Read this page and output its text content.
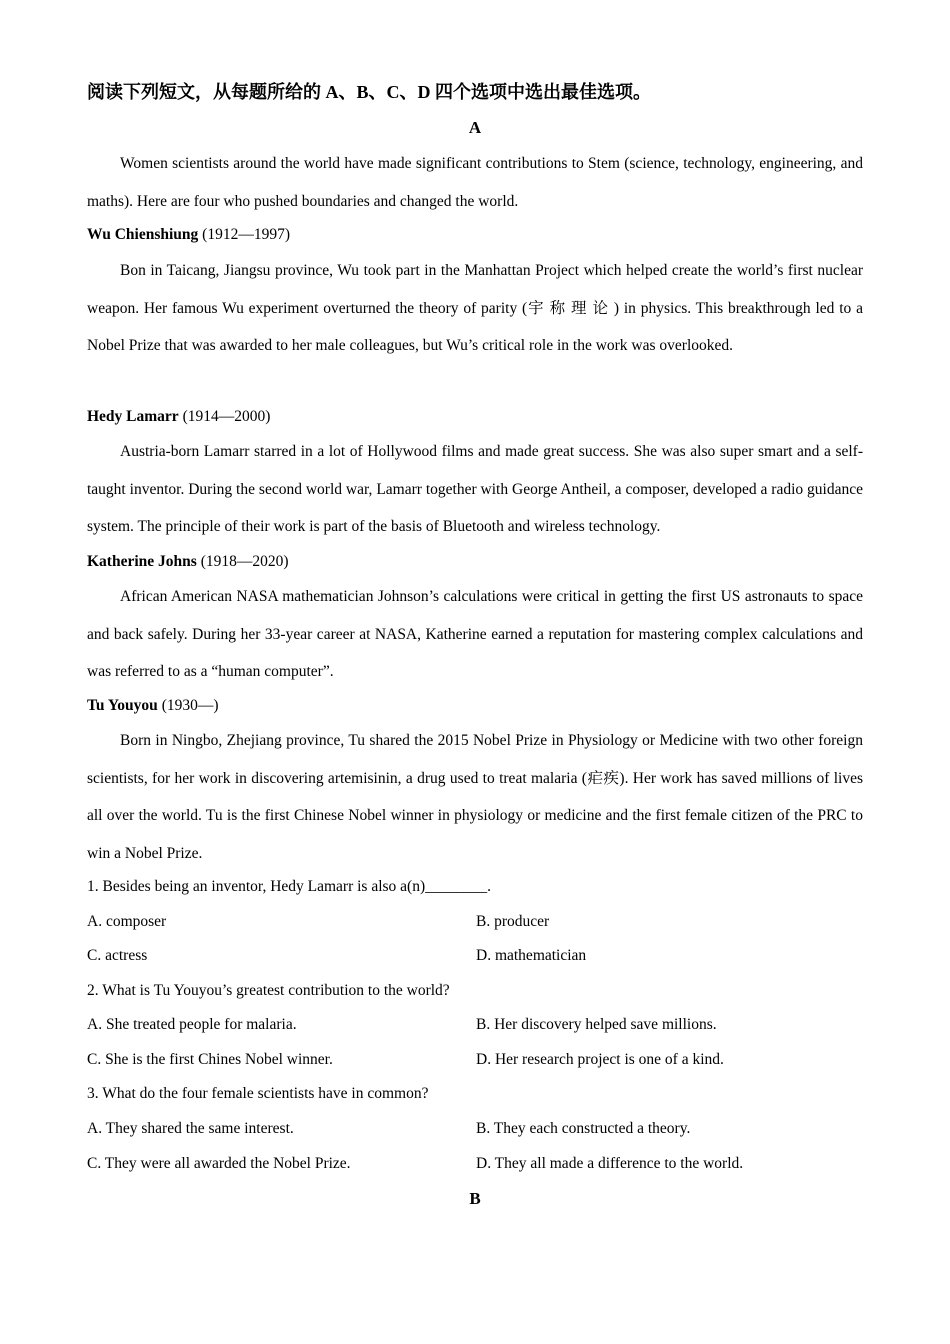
阅读下列短文，从每题所给的 A、B、C、D 四个选项中选出最佳选项。
A

Women scientists around the world have made significant contributions to Stem (science, technology, engineering, and maths). Here are four who pushed boundaries and changed the world.

Wu Chienshiung (1912—1997)

Bon in Taicang, Jiangsu province, Wu took part in the Manhattan Project which helped create the world’s first nuclear weapon. Her famous Wu experiment overturned the theory of parity (宇称理论) in physics. This breakthrough led to a Nobel Prize that was awarded to her male colleagues, but Wu’s critical role in the work was overlooked.

Hedy Lamarr (1914—2000)

Austria-born Lamarr starred in a lot of Hollywood films and made great success. She was also super smart and a self-taught inventor. During the second world war, Lamarr together with George Antheil, a composer, developed a radio guidance system. The principle of their work is part of the basis of Bluetooth and wireless technology.

Katherine Johns (1918—2020)

African American NASA mathematician Johnson’s calculations were critical in getting the first US astronauts to space and back safely. During her 33-year career at NASA, Katherine earned a reputation for mastering complex calculations and was referred to as a “human computer”.

Tu Youyou (1930—)

Born in Ningbo, Zhejiang province, Tu shared the 2015 Nobel Prize in Physiology or Medicine with two other foreign scientists, for her work in discovering artemisinin, a drug used to treat malaria (疟疾). Her work has saved millions of lives all over the world. Tu is the first Chinese Nobel winner in physiology or medicine and the first female citizen of the PRC to win a Nobel Prize.

1. Besides being an inventor, Hedy Lamarr is also a(n)________.
A. composer	B. producer
C. actress	D. mathematician
2. What is Tu Youyou’s greatest contribution to the world?
A. She treated people for malaria.	B. Her discovery helped save millions.
C. She is the first Chines Nobel winner.	D. Her research project is one of a kind.
3. What do the four female scientists have in common?
A. They shared the same interest.	B. They each constructed a theory.
C. They were all awarded the Nobel Prize.	D. They all made a difference to the world.
B
